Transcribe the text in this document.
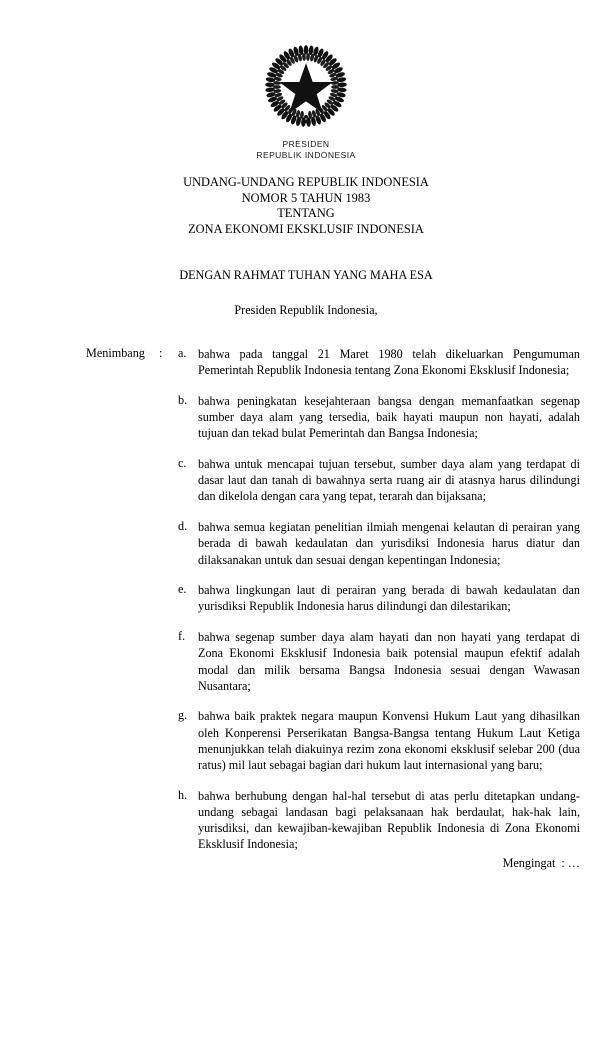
PRESIDEN
REPUBLIK INDONESIA
UNDANG-UNDANG REPUBLIK INDONESIA
NOMOR 5 TAHUN 1983
TENTANG
ZONA EKONOMI EKSKLUSIF INDONESIA
DENGAN RAHMAT TUHAN YANG MAHA ESA
Presiden Republik Indonesia,
Menimbang	:	a. bahwa pada tanggal 21 Maret 1980 telah dikeluarkan Pengumuman Pemerintah Republik Indonesia tentang Zona Ekonomi Eksklusif Indonesia;
b. bahwa peningkatan kesejahteraan bangsa dengan memanfaatkan segenap sumber daya alam yang tersedia, baik hayati maupun non hayati, adalah tujuan dan tekad bulat Pemerintah dan Bangsa Indonesia;
c. bahwa untuk mencapai tujuan tersebut, sumber daya alam yang terdapat di dasar laut dan tanah di bawahnya serta ruang air di atasnya harus dilindungi dan dikelola dengan cara yang tepat, terarah dan bijaksana;
d. bahwa semua kegiatan penelitian ilmiah mengenai kelautan di perairan yang berada di bawah kedaulatan dan yurisdiksi Indonesia harus diatur dan dilaksanakan untuk dan sesuai dengan kepentingan Indonesia;
e. bahwa lingkungan laut di perairan yang berada di bawah kedaulatan dan yurisdiksi Republik Indonesia harus dilindungi dan dilestarikan;
f.	bahwa segenap sumber daya alam hayati dan non hayati yang terdapat di Zona Ekonomi Eksklusif Indonesia baik potensial maupun efektif adalah modal dan milik bersama Bangsa Indonesia sesuai dengan Wawasan Nusantara;
g. bahwa baik praktek negara maupun Konvensi Hukum Laut yang dihasilkan oleh Konperensi Perserikatan Bangsa-Bangsa tentang Hukum Laut Ketiga menunjukkan telah diakuinya rezim zona ekonomi eksklusif selebar 200 (dua ratus) mil laut sebagai bagian dari hukum laut internasional yang baru;
h. bahwa berhubung dengan hal-hal tersebut di atas perlu ditetapkan undang-undang sebagai landasan bagi pelaksanaan hak berdaulat, hak-hak lain, yurisdiksi, dan kewajiban-kewajiban Republik Indonesia di Zona Ekonomi Eksklusif Indonesia;
Mengingat : …
